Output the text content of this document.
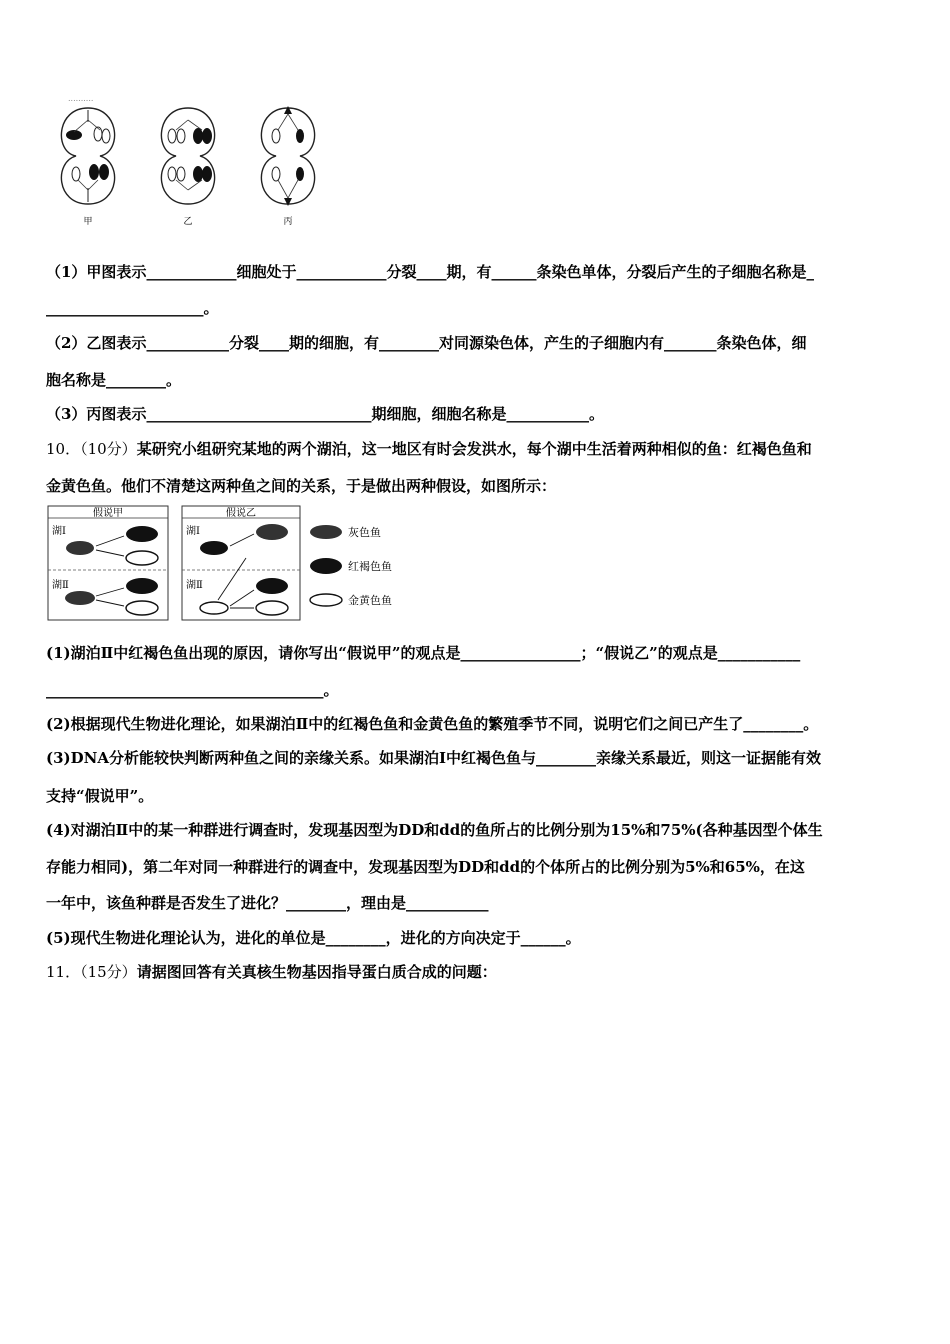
..........
甲	乙	丙
（1）甲图表示____________细胞处于____________分裂____期，有______条染色单体，分裂后产生的子细胞名称是_
_____________________。
（2）乙图表示___________分裂____期的细胞，有________对同源染色体，产生的子细胞内有_______条染色体，细
胞名称是________。
（3）丙图表示______________________________期细胞，细胞名称是___________。
10．（10分）某研究小组研究某地的两个湖泊，这一地区有时会发洪水，每个湖中生活着两种相似的鱼：红褐色鱼和
金黄色鱼。他们不清楚这两种鱼之间的关系，于是做出两种假设，如图所示：
假说甲
湖Ⅰ
湖Ⅱ
假说乙
湖Ⅰ
湖Ⅱ
灰色鱼
红褐色鱼
金黄色鱼
(1)湖泊Ⅱ中红褐色鱼出现的原因，请你写出“假说甲”的观点是________________；“假说乙”的观点是___________
_____________________________________。
(2)根据现代生物进化理论，如果湖泊Ⅱ中的红褐色鱼和金黄色鱼的繁殖季节不同，说明它们之间已产生了________。
(3)DNA分析能较快判断两种鱼之间的亲缘关系。如果湖泊Ⅰ中红褐色鱼与________亲缘关系最近，则这一证据能有效
支持“假说甲”。
(4)对湖泊Ⅱ中的某一种群进行调查时，发现基因型为DD和dd的鱼所占的比例分别为15%和75%(各种基因型个体生
存能力相同)，第二年对同一种群进行的调查中，发现基因型为DD和dd的个体所占的比例分别为5%和65%，在这
一年中，该鱼种群是否发生了进化？________，理由是___________
(5)现代生物进化理论认为，进化的单位是________，进化的方向决定于______。
11．（15分）请据图回答有关真核生物基因指导蛋白质合成的问题：
